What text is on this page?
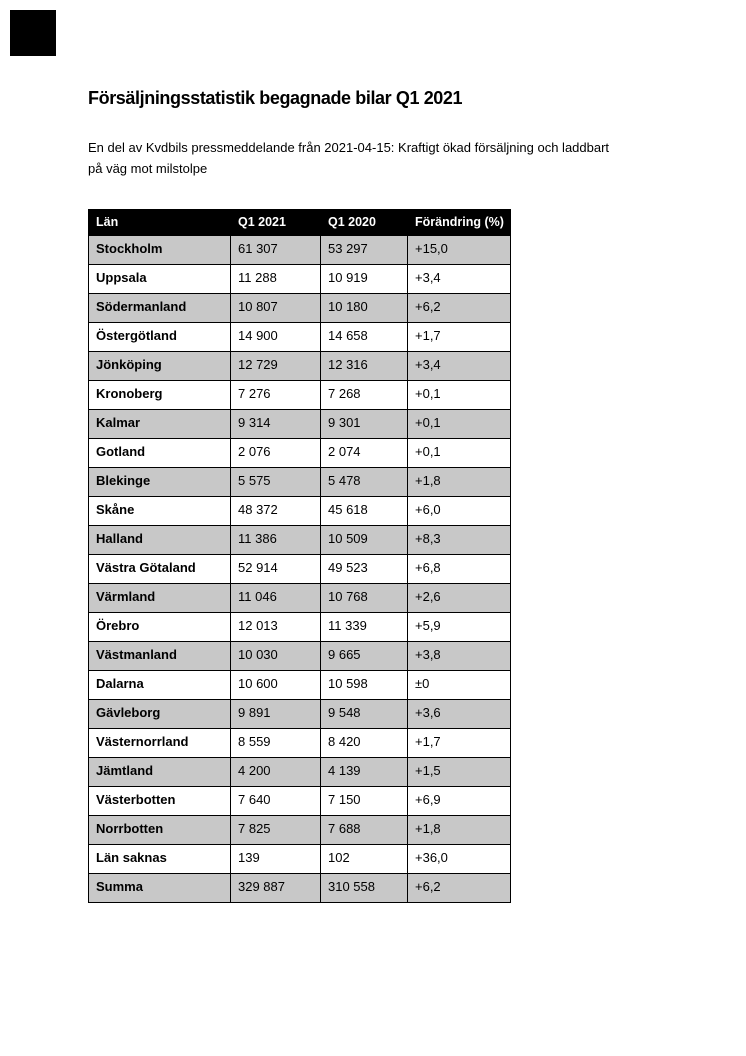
Försäljningsstatistik begagnade bilar Q1 2021
En del av Kvdbils pressmeddelande från 2021-04-15: Kraftigt ökad försäljning och laddbart
på väg mot milstolpe
Län	Q1 2021	Q1 2020	Förändring (%)
Stockholm	61 307	53 297	+15,0
Uppsala	11 288	10 919	+3,4
Södermanland	10 807	10 180	+6,2
Östergötland	14 900	14 658	+1,7
Jönköping	12 729	12 316	+3,4
Kronoberg	7 276	7 268	+0,1
Kalmar	9 314	9 301	+0,1
Gotland	2 076	2 074	+0,1
Blekinge	5 575	5 478	+1,8
Skåne	48 372	45 618	+6,0
Halland	11 386	10 509	+8,3
Västra Götaland	52 914	49 523	+6,8
Värmland	11 046	10 768	+2,6
Örebro	12 013	11 339	+5,9
Västmanland	10 030	9 665	+3,8
Dalarna	10 600	10 598	±0
Gävleborg	9 891	9 548	+3,6
Västernorrland	8 559	8 420	+1,7
Jämtland	4 200	4 139	+1,5
Västerbotten	7 640	7 150	+6,9
Norrbotten	7 825	7 688	+1,8
Län saknas	139	102	+36,0
Summa	329 887	310 558	+6,2
